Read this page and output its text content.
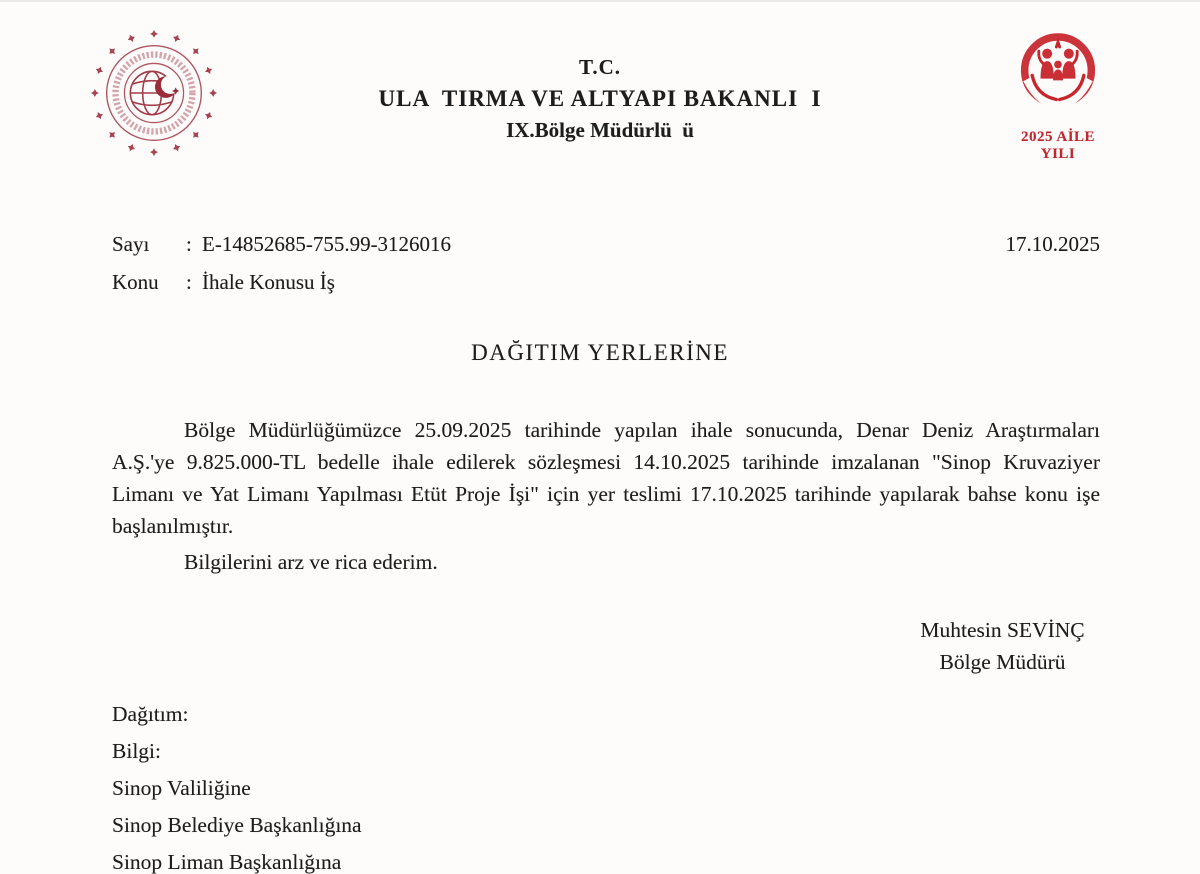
T.C.
ULA  TIRMA VE ALTYAPI BAKANLI  I
IX.Bölge Müdürlü  ü	2025 AİLE YILI
Sayı	: E-14852685-755.99-3126016	17.10.2025
Konu	: İhale Konusu İş
DAĞITIM YERLERİNE
Bölge Müdürlüğümüzce 25.09.2025 tarihinde yapılan ihale sonucunda, Denar Deniz Araştırmaları A.Ş.'ye 9.825.000-TL bedelle ihale edilerek sözleşmesi 14.10.2025 tarihinde imzalanan "Sinop Kruvaziyer Limanı ve Yat Limanı Yapılması Etüt Proje İşi" için yer teslimi 17.10.2025 tarihinde yapılarak bahse konu işe başlanılmıştır.
Bilgilerini arz ve rica ederim.
Muhtesin SEVİNÇ
Bölge Müdürü
Dağıtım:
Bilgi:
Sinop Valiliğine
Sinop Belediye Başkanlığına
Sinop Liman Başkanlığına
